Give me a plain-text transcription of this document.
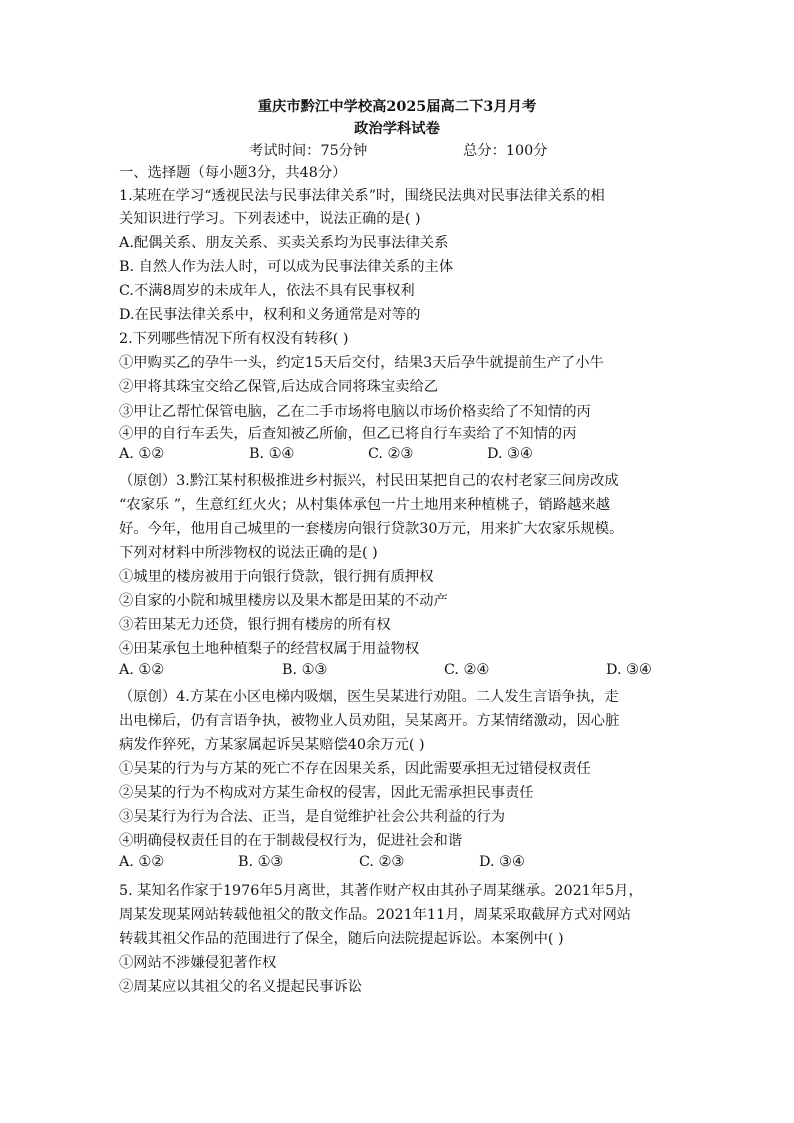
重庆市黔江中学校高2025届高二下3月月考
政治学科试卷
考试时间：75分钟	总分：100分
一、选择题（每小题3分，共48分）
1.某班在学习“透视民法与民事法律关系”时，围绕民法典对民事法律关系的相
关知识进行学习。下列表述中，说法正确的是( )
A.配偶关系、朋友关系、买卖关系均为民事法律关系
B. 自然人作为法人时，可以成为民事法律关系的主体
C.不满8周岁的未成年人，依法不具有民事权利
D.在民事法律关系中，权利和义务通常是对等的
2.下列哪些情况下所有权没有转移( )
①甲购买乙的孕牛一头，约定15天后交付，结果3天后孕牛就提前生产了小牛
②甲将其珠宝交给乙保管,后达成合同将珠宝卖给乙
③甲让乙帮忙保管电脑，乙在二手市场将电脑以市场价格卖给了不知情的丙
④甲的自行车丢失，后查知被乙所偷，但乙已将自行车卖给了不知情的丙
A. ①②	B. ①④	C. ②③	D. ③④
（原创）3.黔江某村积极推进乡村振兴，村民田某把自己的农村老家三间房改成
“农家乐 ”，生意红红火火；从村集体承包一片土地用来种植桃子，销路越来越
好。今年，他用自己城里的一套楼房向银行贷款30万元，用来扩大农家乐规模。
下列对材料中所涉物权的说法正确的是( )
①城里的楼房被用于向银行贷款，银行拥有质押权
②自家的小院和城里楼房以及果木都是田某的不动产
③若田某无力还贷，银行拥有楼房的所有权
④田某承包土地种植梨子的经营权属于用益物权
A. ①②	B. ①③	C. ②④	D. ③④
（原创）4.方某在小区电梯内吸烟，医生吴某进行劝阻。二人发生言语争执，走
出电梯后，仍有言语争执，被物业人员劝阻，吴某离开。方某情绪激动，因心脏
病发作猝死，方某家属起诉吴某赔偿40余万元( )
①吴某的行为与方某的死亡不存在因果关系，因此需要承担无过错侵权责任
②吴某的行为不构成对方某生命权的侵害，因此无需承担民事责任
③吴某行为行为合法、正当，是自觉维护社会公共利益的行为
④明确侵权责任目的在于制裁侵权行为，促进社会和谐
A. ①②	B. ①③	C. ②③	D. ③④
5. 某知名作家于1976年5月离世，其著作财产权由其孙子周某继承。2021年5月，
周某发现某网站转载他祖父的散文作品。2021年11月，周某采取截屏方式对网站
转载其祖父作品的范围进行了保全，随后向法院提起诉讼。本案例中( )
①网站不涉嫌侵犯著作权
②周某应以其祖父的名义提起民事诉讼
